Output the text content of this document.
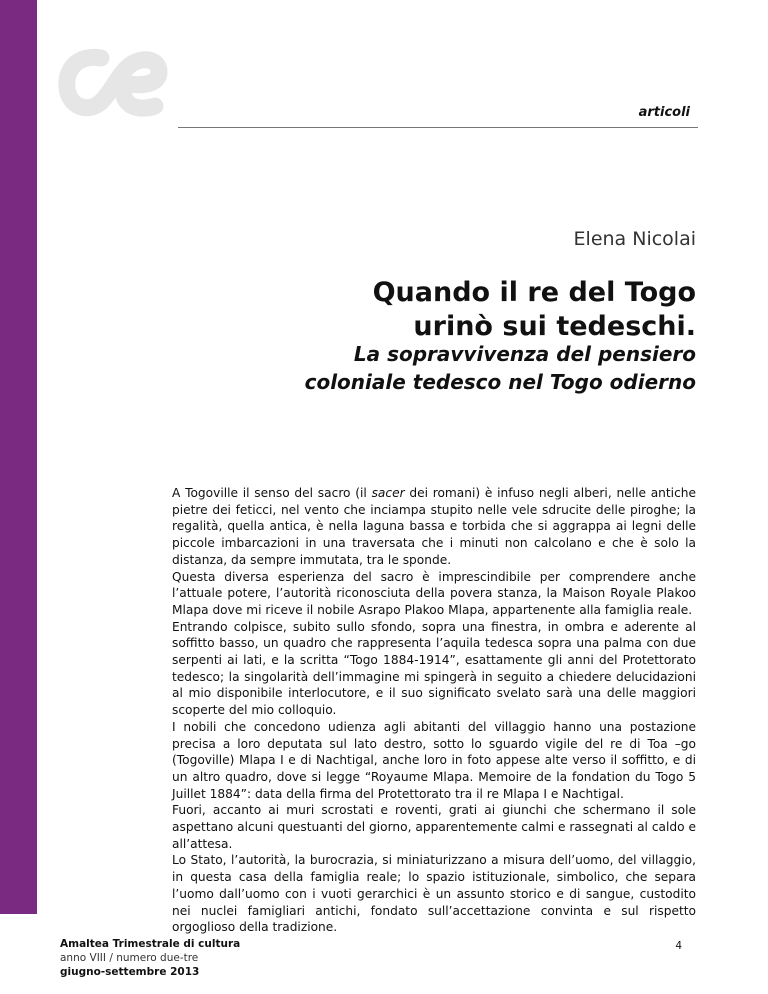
articoli
Elena Nicolai
Quando il re del Togo
urinò sui tedeschi.
La sopravvivenza del pensiero
coloniale tedesco nel Togo odierno

A Togoville il senso del sacro (il sacer dei romani) è infuso negli alberi, nelle antiche pietre dei feticci, nel vento che inciampa stupito nelle vele sdrucite delle piroghe; la regalità, quella antica, è nella laguna bassa e torbida che si aggrappa ai legni delle piccole imbarcazioni in una traversata che i minuti non calcolano e che è solo la distanza, da sempre immutata, tra le sponde.

Questa diversa esperienza del sacro è imprescindibile per comprendere anche l’attuale potere, l’autorità riconosciuta della povera stanza, la Maison Royale Plakoo Mlapa dove mi riceve il nobile Asrapo Plakoo Mlapa, appartenente alla famiglia reale.

Entrando colpisce, subito sullo sfondo, sopra una finestra, in ombra e aderente al soffitto basso, un quadro che rappresenta l’aquila tedesca sopra una palma con due serpenti ai lati, e la scritta “Togo 1884-1914”, esattamente gli anni del Protettorato tedesco; la singolarità dell’immagine mi spingerà in seguito a chiedere delucidazioni al mio disponibile interlocutore, e il suo significato svelato sarà una delle maggiori scoperte del mio colloquio.

I nobili che concedono udienza agli abitanti del villaggio hanno una postazione precisa a loro deputata sul lato destro, sotto lo sguardo vigile del re di Toa –go (Togoville) Mlapa I e di Nachtigal, anche loro in foto appese alte verso il soffitto, e di un altro quadro, dove si legge “Royaume Mlapa. Memoire de la fondation du Togo 5 Juillet 1884”: data della firma del Protettorato tra il re Mlapa I e Nachtigal.

Fuori, accanto ai muri scrostati e roventi, grati ai giunchi che schermano il sole aspettano alcuni questuanti del giorno, apparentemente calmi e rassegnati al caldo e all’attesa.

Lo Stato, l’autorità, la burocrazia, si miniaturizzano a misura dell’uomo, del villaggio, in questa casa della famiglia reale; lo spazio istituzionale, simbolico, che separa l’uomo dall’uomo con i vuoti gerarchici è un assunto storico e di sangue, custodito nei nuclei famigliari antichi, fondato sull’accettazione convinta e sul rispetto orgoglioso della tradizione.

Amaltea Trimestrale di cultura
anno VIII / numero due-tre
giugno-settembre 2013
4
